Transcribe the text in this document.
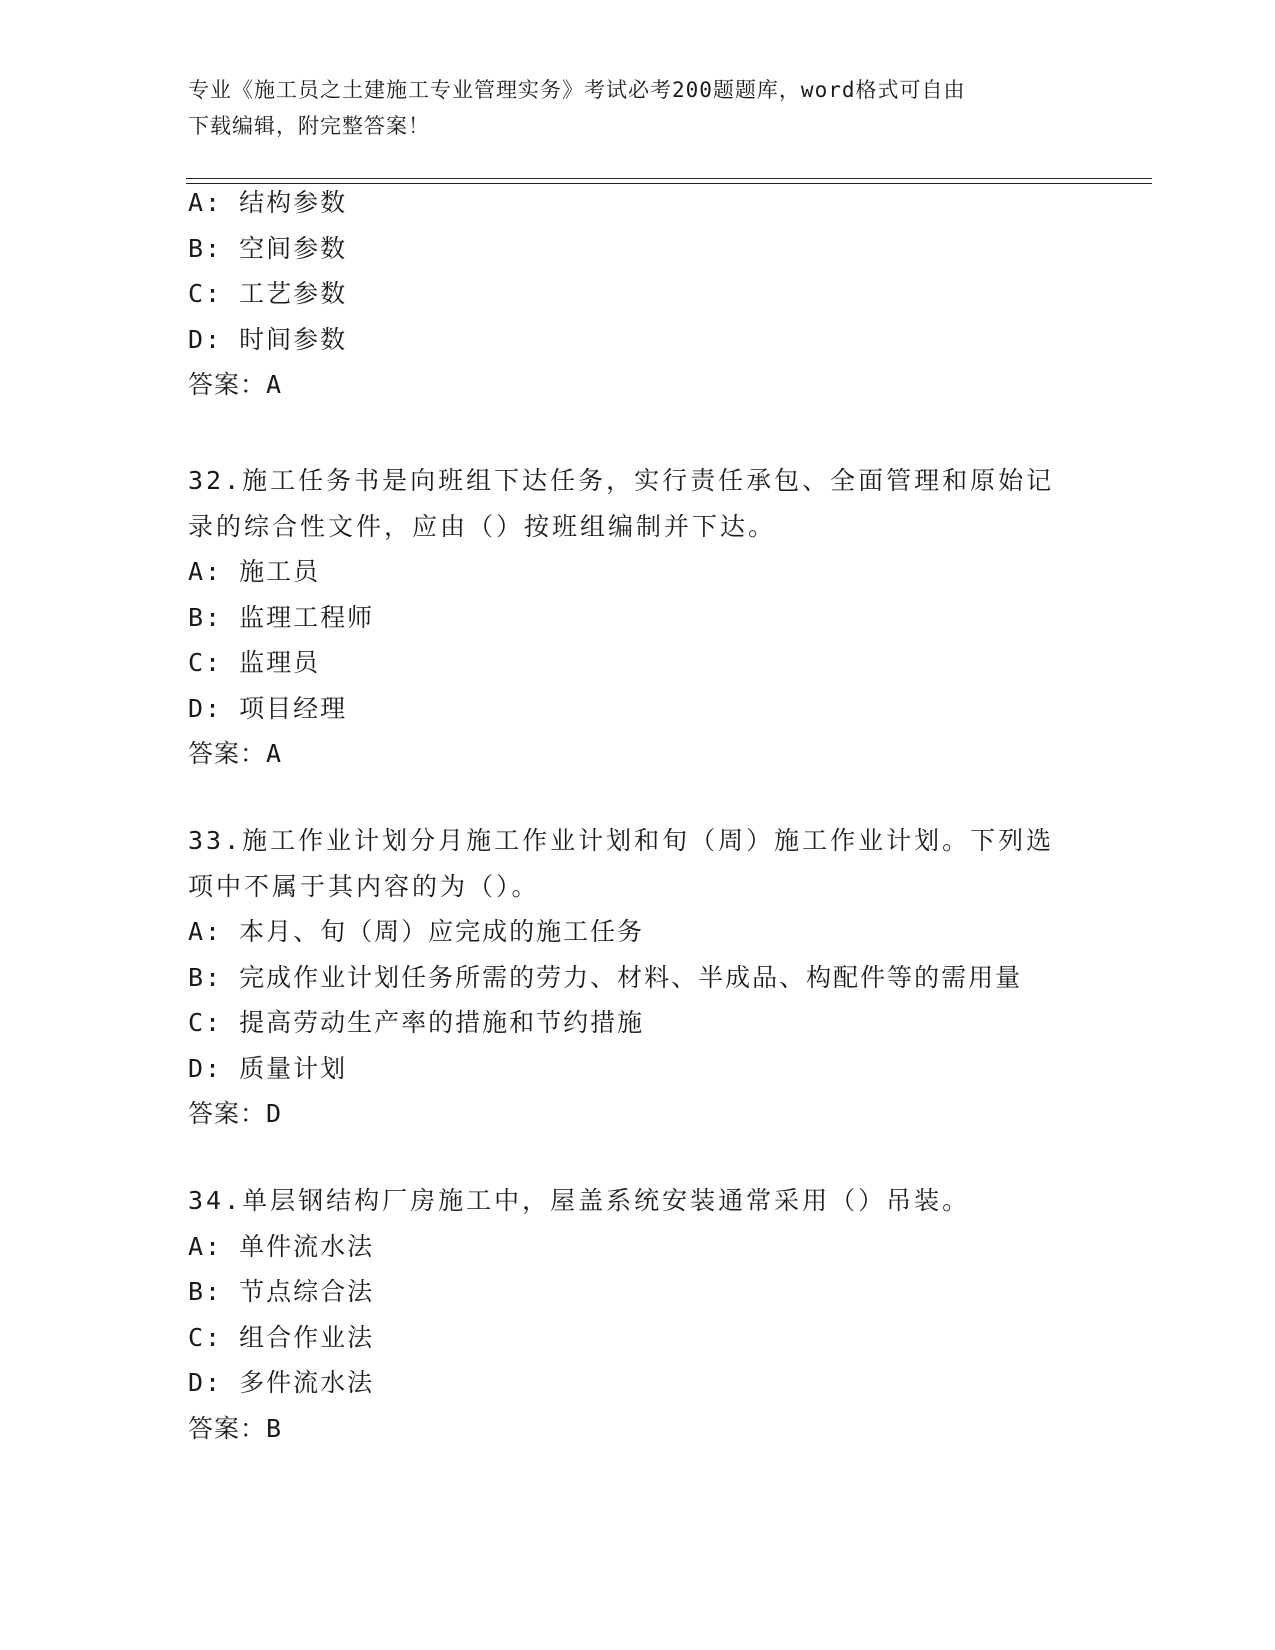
专业《施工员之土建施工专业管理实务》考试必考200题题库，word格式可自由
下载编辑，附完整答案！
A: 结构参数
B: 空间参数
C: 工艺参数
D: 时间参数
答案：A
32.施工任务书是向班组下达任务，实行责任承包、全面管理和原始记
录的综合性文件，应由（）按班组编制并下达。
A: 施工员
B: 监理工程师
C: 监理员
D: 项目经理
答案：A
33.施工作业计划分月施工作业计划和旬（周）施工作业计划。下列选
项中不属于其内容的为（）。
A: 本月、旬（周）应完成的施工任务
B: 完成作业计划任务所需的劳力、材料、半成品、构配件等的需用量
C: 提高劳动生产率的措施和节约措施
D: 质量计划
答案：D
34.单层钢结构厂房施工中，屋盖系统安装通常采用（）吊装。
A: 单件流水法
B: 节点综合法
C: 组合作业法
D: 多件流水法
答案：B
